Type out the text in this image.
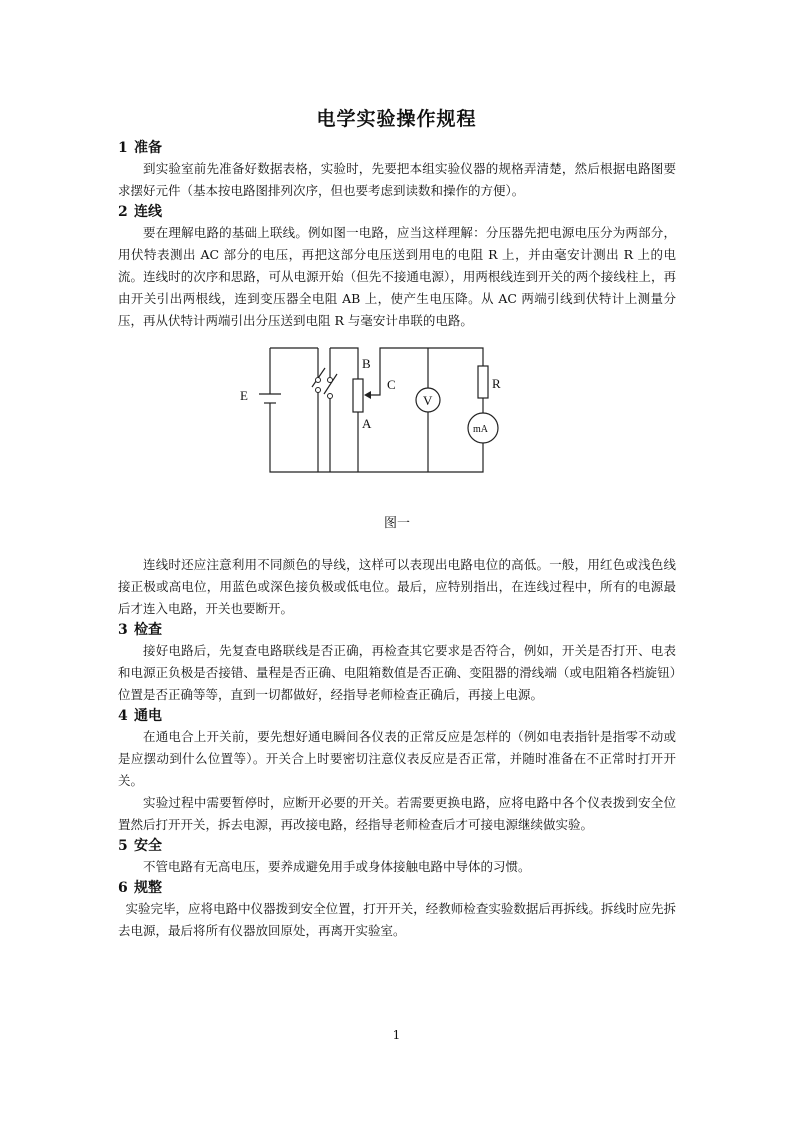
电学实验操作规程
1 准备

到实验室前先准备好数据表格，实验时，先要把本组实验仪器的规格弄清楚，然后根据电路图要求摆好元件（基本按电路图排列次序，但也要考虑到读数和操作的方便）。

2 连线

要在理解电路的基础上联线。例如图一电路，应当这样理解：分压器先把电源电压分为两部分，用伏特表测出 AC 部分的电压，再把这部分电压送到用电的电阻 R 上，并由毫安计测出 R 上的电流。连线时的次序和思路，可从电源开始（但先不接通电源），用两根线连到开关的两个接线柱上，再由开关引出两根线，连到变压器全电阻 AB 上，使产生电压降。从 AC 两端引线到伏特计上测量分压，再从伏特计两端引出分压送到电阻 R 与毫安计串联的电路。

E
B
C
A
V
R
mA

图一

连线时还应注意利用不同颜色的导线，这样可以表现出电路电位的高低。一般，用红色或浅色线接正极或高电位，用蓝色或深色接负极或低电位。最后，应特别指出，在连线过程中，所有的电源最后才连入电路，开关也要断开。

3 检查

接好电路后，先复查电路联线是否正确，再检查其它要求是否符合，例如，开关是否打开、电表和电源正负极是否接错、量程是否正确、电阻箱数值是否正确、变阻器的滑线端（或电阻箱各档旋钮）位置是否正确等等，直到一切都做好，经指导老师检查正确后，再接上电源。

4 通电

在通电合上开关前，要先想好通电瞬间各仪表的正常反应是怎样的（例如电表指针是指零不动或是应摆动到什么位置等）。开关合上时要密切注意仪表反应是否正常，并随时准备在不正常时打开开关。

实验过程中需要暂停时，应断开必要的开关。若需要更换电路，应将电路中各个仪表拨到安全位置然后打开开关，拆去电源，再改接电路，经指导老师检查后才可接电源继续做实验。

5 安全

不管电路有无高电压，要养成避免用手或身体接触电路中导体的习惯。

6 规整

实验完毕，应将电路中仪器拨到安全位置，打开开关，经教师检查实验数据后再拆线。拆线时应先拆去电源，最后将所有仪器放回原处，再离开实验室。

1
